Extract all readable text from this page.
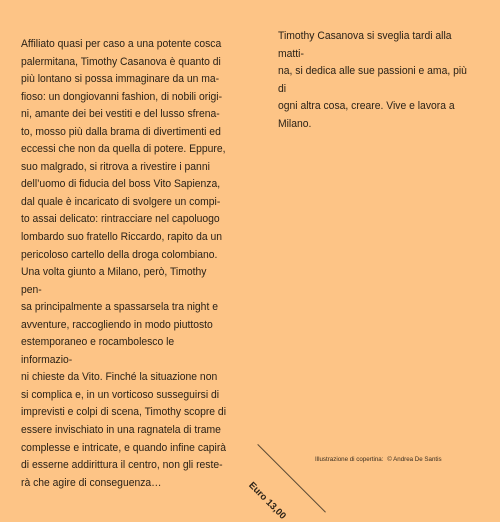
Affiliato quasi per caso a una potente cosca

palermitana, Timothy Casanova è quanto di

più lontano si possa immaginare da un ma-

fioso: un dongiovanni fashion, di nobili origi-

ni, amante dei bei vestiti e del lusso sfrena-

to, mosso più dalla brama di divertimenti ed

eccessi che non da quella di potere. Eppure,

suo malgrado, si ritrova a rivestire i panni

dell’uomo di fiducia del boss Vito Sapienza,

dal quale è incaricato di svolgere un compi-

to assai delicato: rintracciare nel capoluogo

lombardo suo fratello Riccardo, rapito da un

pericoloso cartello della droga colombiano.

Una volta giunto a Milano, però, Timothy pen-

sa principalmente a spassarsela tra night e

avventure, raccogliendo in modo piuttosto

estemporaneo e rocambolesco le informazio-

ni chieste da Vito. Finché la situazione non

si complica e, in un vorticoso susseguirsi di

imprevisti e colpi di scena, Timothy scopre di

essere invischiato in una ragnatela di trame

complesse e intricate, e quando infine capirà

di esserne addirittura il centro, non gli reste-

rà che agire di conseguenza…

Timothy Casanova si sveglia tardi alla matti-

na, si dedica alle sue passioni e ama, più di

ogni altra cosa, creare. Vive e lavora a Milano.

Illustrazione di copertina: © Andrea De Santis
Euro 13,00
